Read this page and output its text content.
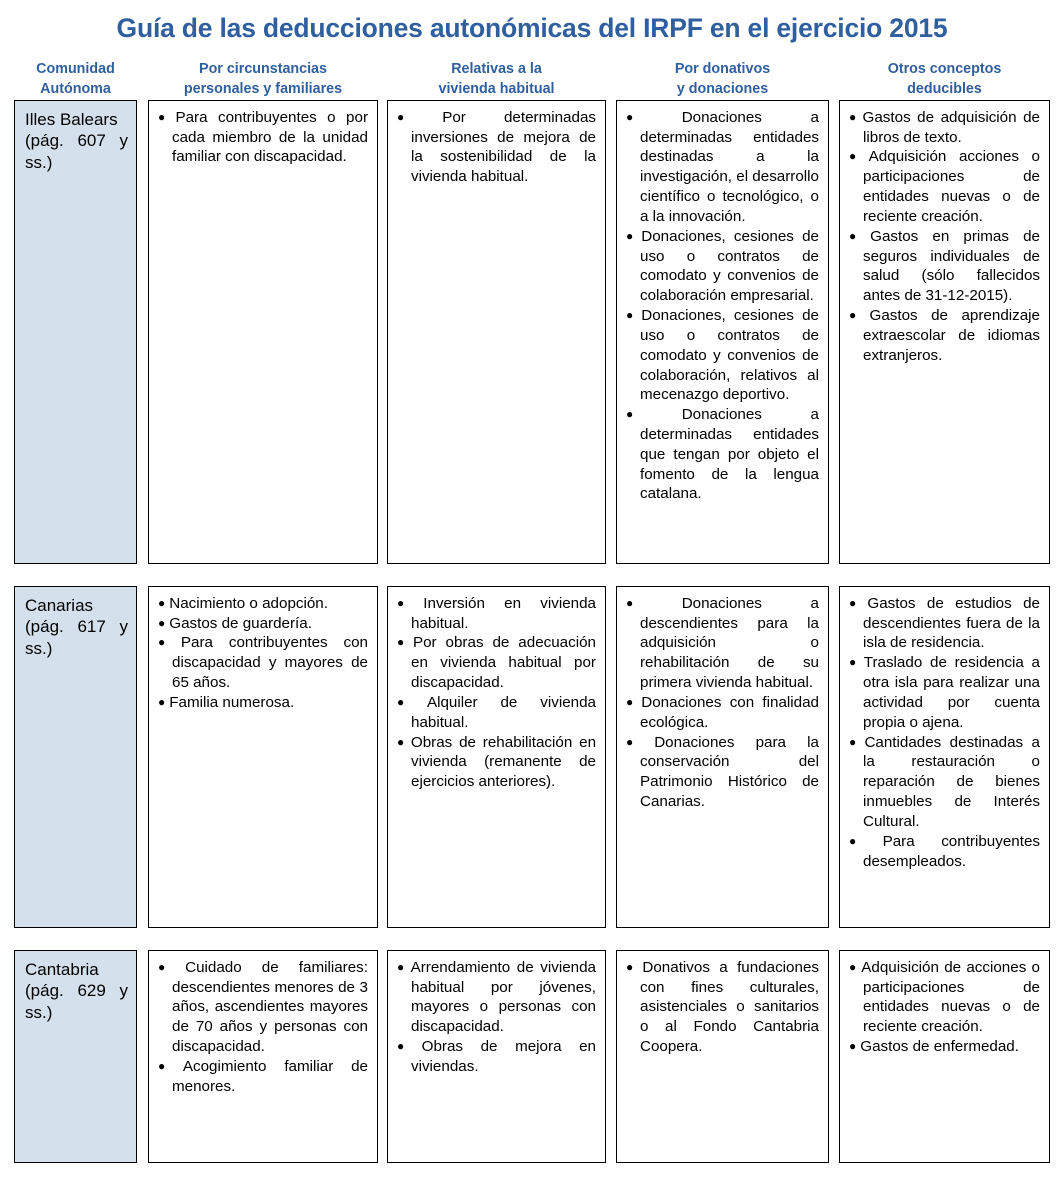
Guía de las deducciones autonómicas del IRPF en el ejercicio 2015
Comunidad
Autónoma
Por circunstancias
personales y familiares
Relativas a la
vivienda habitual
Por donativos
y donaciones
Otros conceptos
deducibles
Illes Balears
(pág. 607 y
ss.)
● Para contribuyentes o por cada miembro de la unidad familiar con discapacidad.
● Por determinadas inversiones de mejora de la sostenibilidad de la vivienda habitual.
● Donaciones a determinadas entidades destinadas a la investigación, el desarrollo científico o tecnológico, o a la innovación.
● Donaciones, cesiones de uso o contratos de comodato y convenios de colaboración empresarial.
● Donaciones, cesiones de uso o contratos de comodato y convenios de colaboración, relativos al mecenazgo deportivo.
● Donaciones a determinadas entidades que tengan por objeto el fomento de la lengua catalana.
● Gastos de adquisición de libros de texto.
● Adquisición acciones o participaciones de entidades nuevas o de reciente creación.
● Gastos en primas de seguros individuales de salud (sólo fallecidos antes de 31-12-2015).
● Gastos de aprendizaje extraescolar de idiomas extranjeros.
Canarias
(pág. 617 y
ss.)
● Nacimiento o adopción.
● Gastos de guardería.
● Para contribuyentes con discapacidad y mayores de 65 años.
● Familia numerosa.
● Inversión en vivienda habitual.
● Por obras de adecuación en vivienda habitual por discapacidad.
● Alquiler de vivienda habitual.
● Obras de rehabilitación en vivienda (remanente de ejercicios anteriores).
● Donaciones a descendientes para la adquisición o rehabilitación de su primera vivienda habitual.
● Donaciones con finalidad ecológica.
● Donaciones para la conservación del Patrimonio Histórico de Canarias.
● Gastos de estudios de descendientes fuera de la isla de residencia.
● Traslado de residencia a otra isla para realizar una actividad por cuenta propia o ajena.
● Cantidades destinadas a la restauración o reparación de bienes inmuebles de Interés Cultural.
● Para contribuyentes desempleados.
Cantabria
(pág. 629 y
ss.)
● Cuidado de familiares: descendientes menores de 3 años, ascendientes mayores de 70 años y personas con discapacidad.
● Acogimiento familiar de menores.
● Arrendamiento de vivienda habitual por jóvenes, mayores o personas con discapacidad.
● Obras de mejora en viviendas.
● Donativos a fundaciones con fines culturales, asistenciales o sanitarios o al Fondo Cantabria Coopera.
● Adquisición de acciones o participaciones de entidades nuevas o de reciente creación.
● Gastos de enfermedad.
